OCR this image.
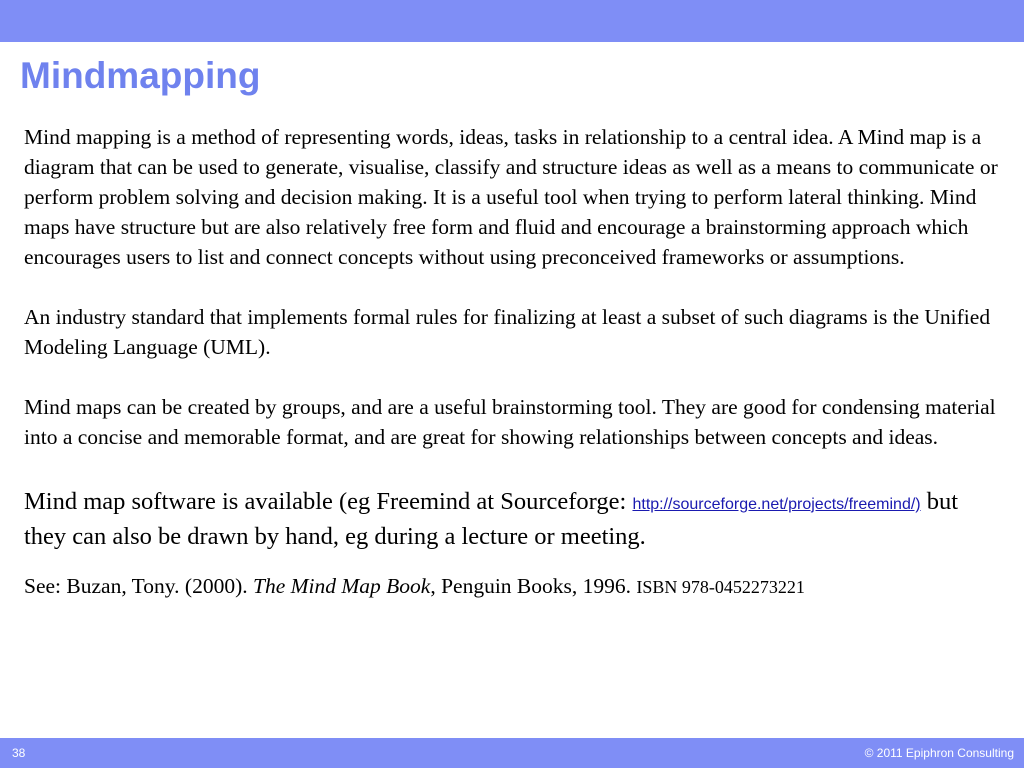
Mindmapping

Mind mapping is a method of representing words, ideas, tasks in relationship to a central idea. A Mind map is a diagram that can be used to generate, visualise, classify and structure ideas as well as a means to communicate or perform problem solving and decision making. It is a useful tool when trying to perform lateral thinking. Mind maps have structure but are also relatively free form and fluid and encourage a brainstorming approach which encourages users to list and connect concepts without using preconceived frameworks or assumptions.

An industry standard that implements formal rules for finalizing at least a subset of such diagrams is the Unified Modeling Language (UML).

Mind maps can be created by groups, and are a useful brainstorming tool. They are good for condensing material into a concise and memorable format, and are great for showing relationships between concepts and ideas.

Mind map software is available (eg Freemind at Sourceforge: http://sourceforge.net/projects/freemind/) but they can also be drawn by hand, eg during a lecture or meeting.

See: Buzan, Tony. (2000). The Mind Map Book, Penguin Books, 1996. ISBN 978-0452273221

38	© 2011 Epiphron Consulting
